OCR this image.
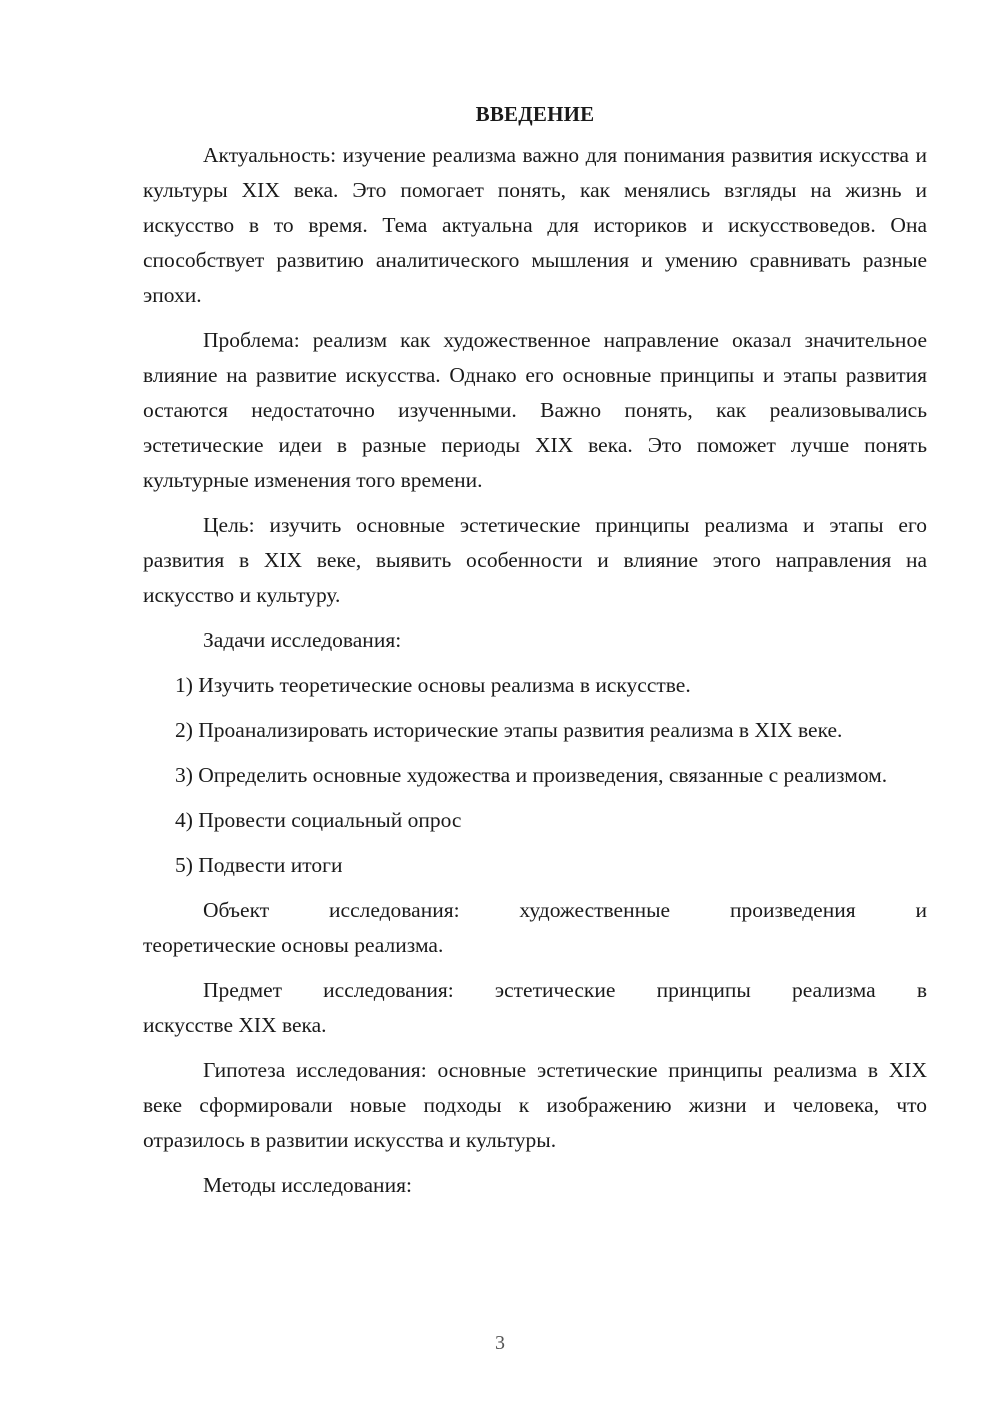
ВВЕДЕНИЕ

Актуальность: изучение реализма важно для понимания развития искусства и культуры XIX века. Это помогает понять, как менялись взгляды на жизнь и искусство в то время. Тема актуальна для историков и искусствоведов. Она способствует развитию аналитического мышления и умению сравнивать разные эпохи.

Проблема: реализм как художественное направление оказал значительное влияние на развитие искусства. Однако его основные принципы и этапы развития остаются недостаточно изученными. Важно понять, как реализовывались эстетические идеи в разные периоды XIX века. Это поможет лучше понять культурные изменения того времени.

Цель: изучить основные эстетические принципы реализма и этапы его развития в XIX веке, выявить особенности и влияние этого направления на искусство и культуру.

Задачи исследования:

1) Изучить теоретические основы реализма в искусстве.

2) Проанализировать исторические этапы развития реализма в XIX веке.

3) Определить основные художества и произведения, связанные с реализмом.

4) Провести социальный опрос

5) Подвести итоги

Объект исследования: художественные произведения и
теоретические основы реализма.

Предмет исследования: эстетические принципы реализма в
искусстве XIX века.

Гипотеза исследования: основные эстетические принципы реализма в XIX веке сформировали новые подходы к изображению жизни и человека, что отразилось в развитии искусства и культуры.

Методы исследования:

3
